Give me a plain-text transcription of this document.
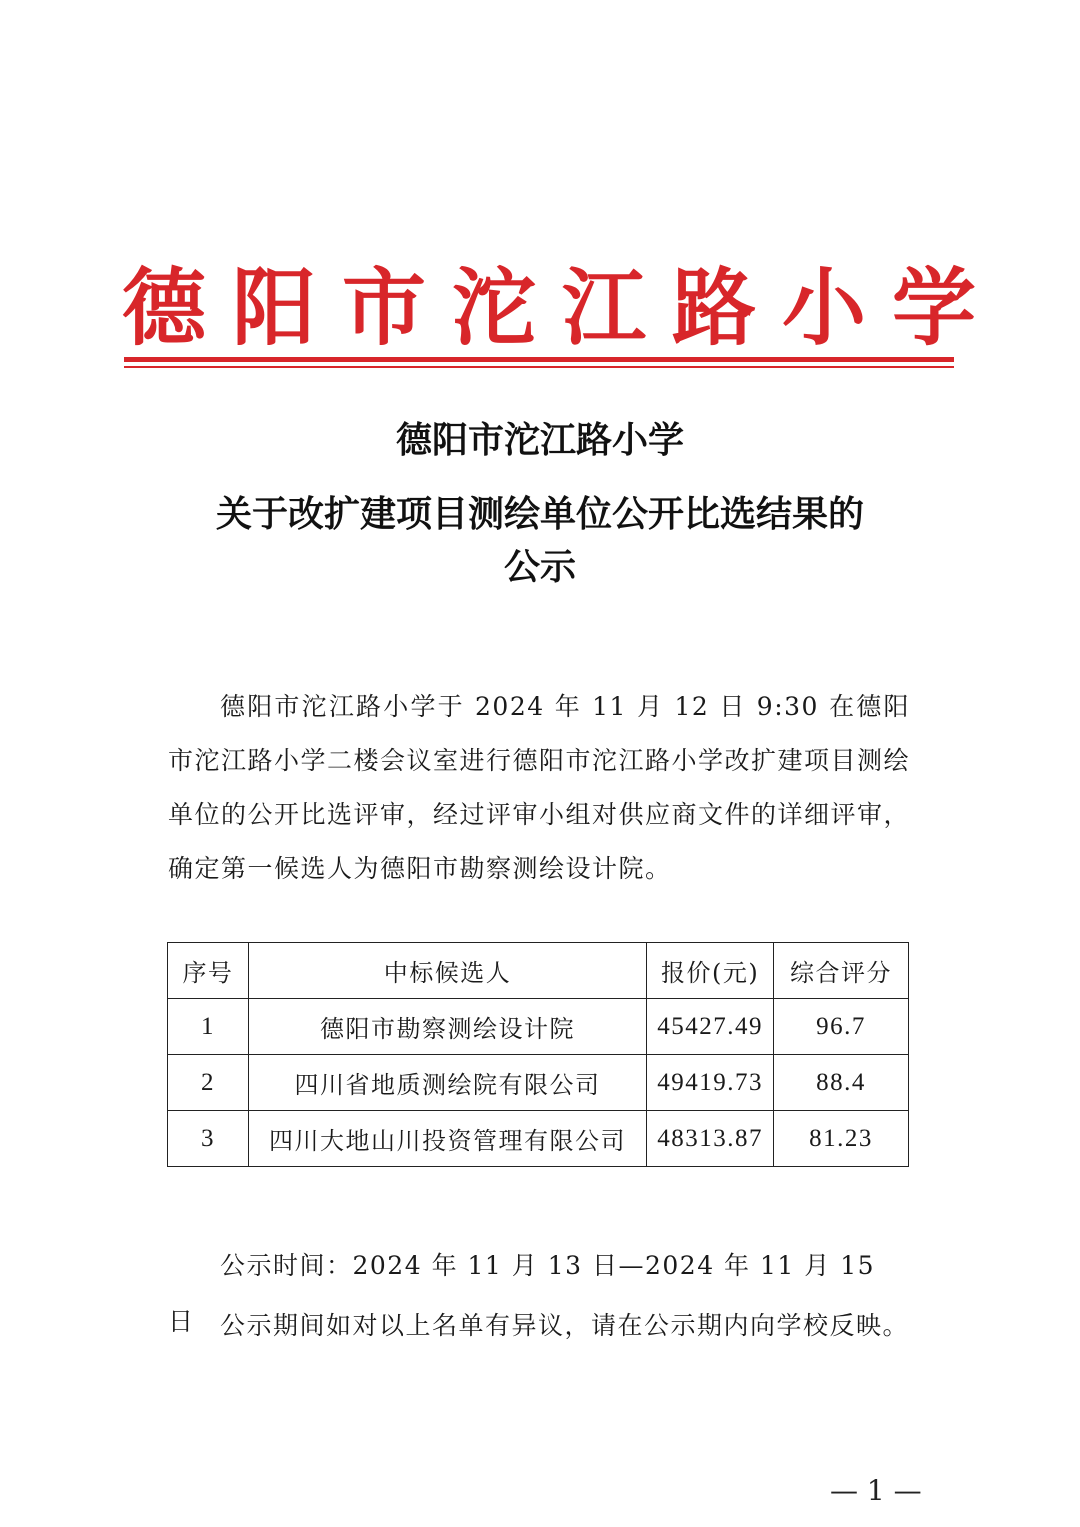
德阳市沱江路小学
德阳市沱江路小学
关于改扩建项目测绘单位公开比选结果的
公示
德阳市沱江路小学于 2024 年 11 月 12 日 9:30 在德阳市沱江路小学二楼会议室进行德阳市沱江路小学改扩建项目测绘单位的公开比选评审，经过评审小组对供应商文件的详细评审，确定第一候选人为德阳市勘察测绘设计院。
序号	中标候选人	报价(元)	综合评分
1	德阳市勘察测绘设计院	45427.49	96.7
2	四川省地质测绘院有限公司	49419.73	88.4
3	四川大地山川投资管理有限公司	48313.87	81.23
公示时间：2024 年 11 月 13 日—2024 年 11 月 15 日	公示期间如对以上名单有异议，请在公示期内向学校反映。
— 1 —
